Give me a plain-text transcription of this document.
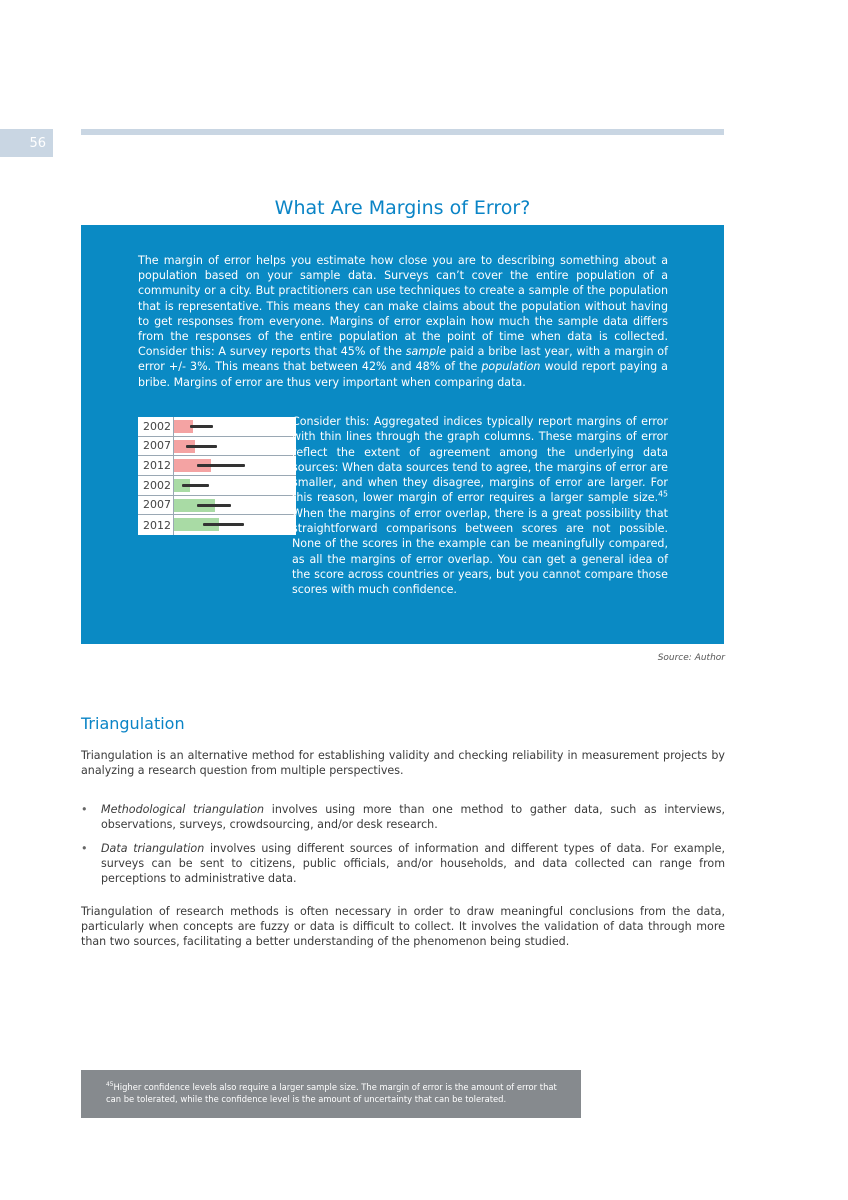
56
What Are Margins of Error?

The margin of error helps you estimate how close you are to describing something about a population based on your sample data. Surveys can’t cover the entire population of a community or a city. But practitioners can use techniques to create a sample of the population that is representative. This means they can make claims about the population without having to get responses from everyone. Margins of error explain how much the sample data differs from the responses of the entire population at the point of time when data is collected. Consider this: A survey reports that 45% of the sample paid a bribe last year, with a margin of error +/- 3%. This means that between 42% and 48% of the population would report paying a bribe. Margins of error are thus very important when comparing data.

2002
2007
2012
2002
2007
2012

Consider this: Aggregated indices typically report margins of error with thin lines through the graph columns. These margins of error reflect the extent of agreement among the underlying data sources: When data sources tend to agree, the margins of error are smaller, and when they disagree, margins of error are larger. For this reason, lower margin of error requires a larger sample size.$^{45}$ When the margins of error overlap, there is a great possibility that straightforward comparisons between scores are not possible. None of the scores in the example can be meaningfully compared, as all the margins of error overlap. You can get a general idea of the score across countries or years, but you cannot compare those scores with much confidence.

Source: Author
Triangulation

Triangulation is an alternative method for establishing validity and checking reliability in measurement projects by analyzing a research question from multiple perspectives.

•	Methodological triangulation involves using more than one method to gather data, such as interviews, observations, surveys, crowdsourcing, and/or desk research.
•	Data triangulation involves using different sources of information and different types of data. For example, surveys can be sent to citizens, public officials, and/or households, and data collected can range from perceptions to administrative data.

Triangulation of research methods is often necessary in order to draw meaningful conclusions from the data, particularly when concepts are fuzzy or data is difficult to collect. It involves the validation of data through more than two sources, facilitating a better understanding of the phenomenon being studied.

$^{45}$Higher confidence levels also require a larger sample size. The margin of error is the amount of error that can be tolerated, while the confidence level is the amount of uncertainty that can be tolerated.
